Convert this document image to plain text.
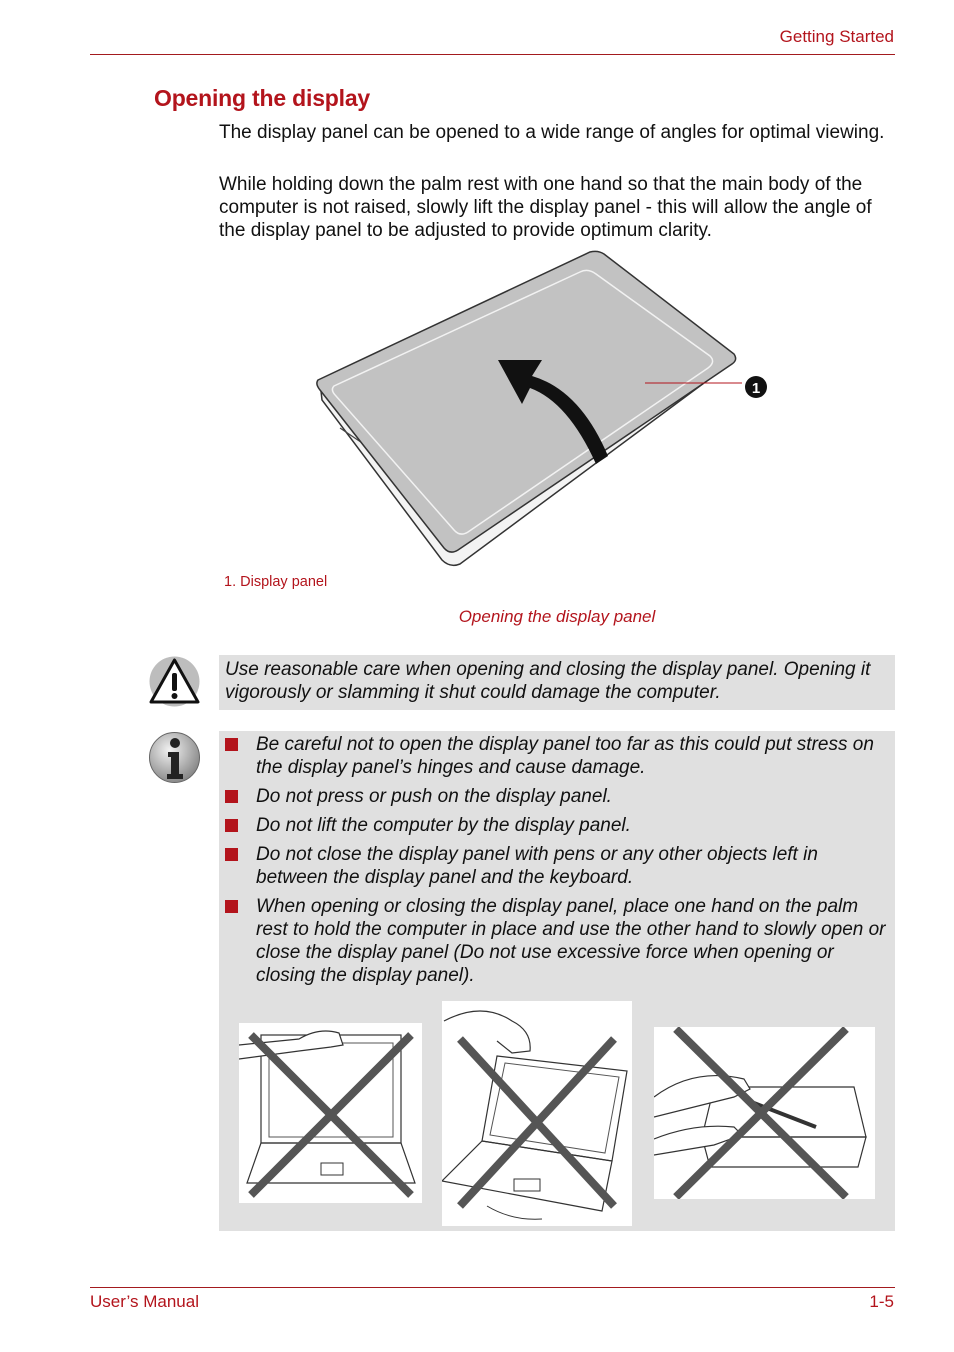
Getting Started
Opening the display
The display panel can be opened to a wide range of angles for optimal viewing.
While holding down the palm rest with one hand so that the main body of the computer is not raised, slowly lift the display panel - this will allow the angle of the display panel to be adjusted to provide optimum clarity.
1
1. Display panel
Opening the display panel
Use reasonable care when opening and closing the display panel. Opening it vigorously or slamming it shut could damage the computer.
Be careful not to open the display panel too far as this could put stress on the display panel’s hinges and cause damage.
Do not press or push on the display panel.
Do not lift the computer by the display panel.
Do not close the display panel with pens or any other objects left in between the display panel and the keyboard.
When opening or closing the display panel, place one hand on the palm rest to hold the computer in place and use the other hand to slowly open or close the display panel (Do not use excessive force when opening or closing the display panel).
User’s Manual	1-5
